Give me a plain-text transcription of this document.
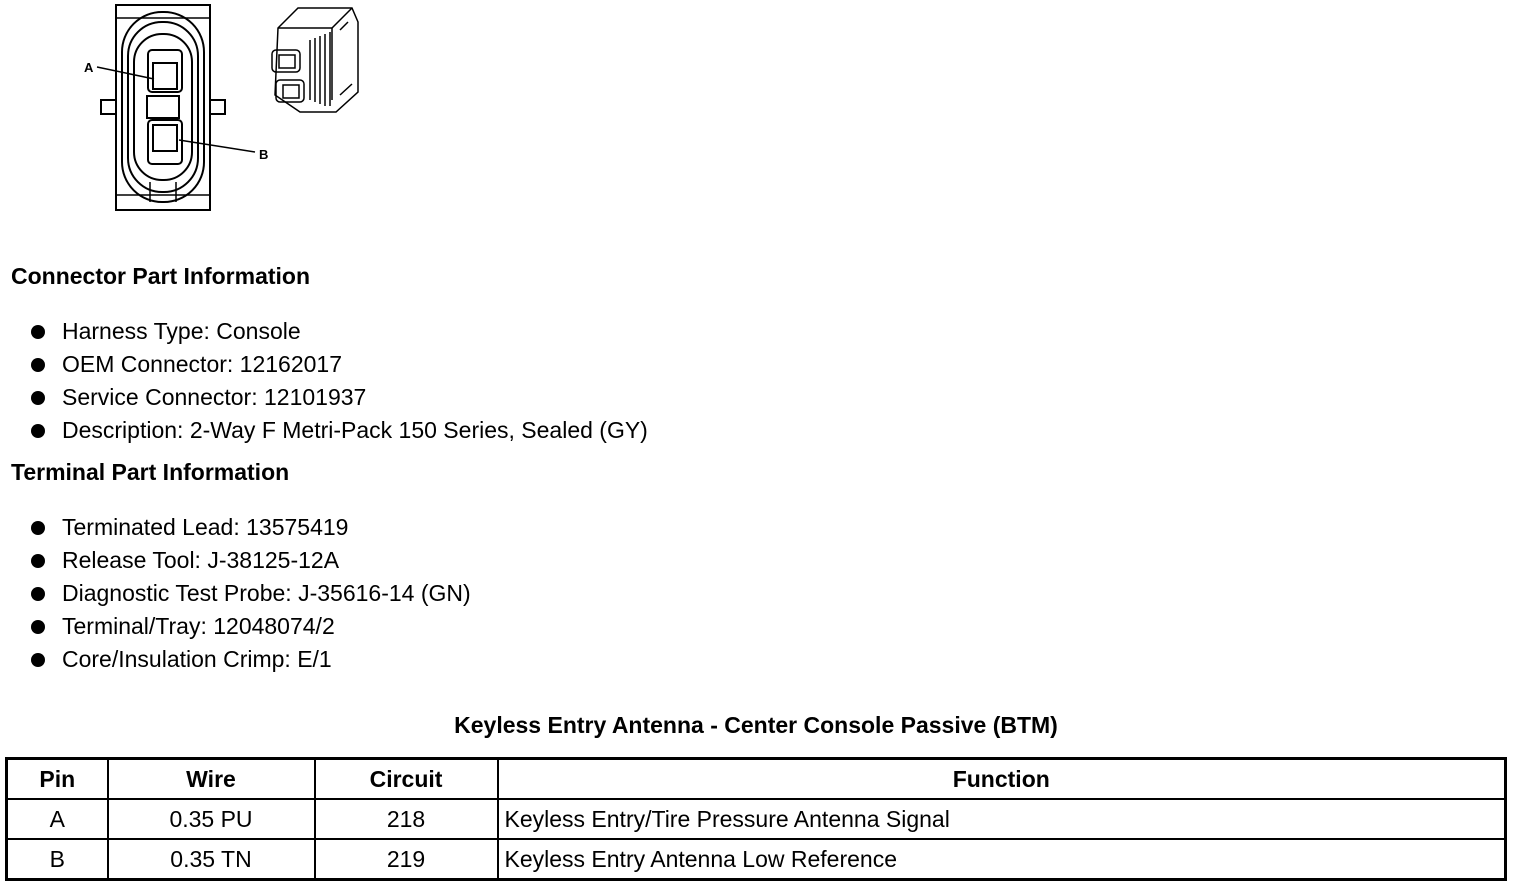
A
B
Connector Part Information
Harness Type: Console
OEM Connector: 12162017
Service Connector: 12101937
Description: 2-Way F Metri-Pack 150 Series, Sealed (GY)
Terminal Part Information
Terminated Lead: 13575419
Release Tool: J-38125-12A
Diagnostic Test Probe: J-35616-14 (GN)
Terminal/Tray: 12048074/2
Core/Insulation Crimp: E/1
Keyless Entry Antenna - Center Console Passive (BTM)
Pin	Wire	Circuit	Function
A	0.35 PU	218	Keyless Entry/Tire Pressure Antenna Signal
B	0.35 TN	219	Keyless Entry Antenna Low Reference
